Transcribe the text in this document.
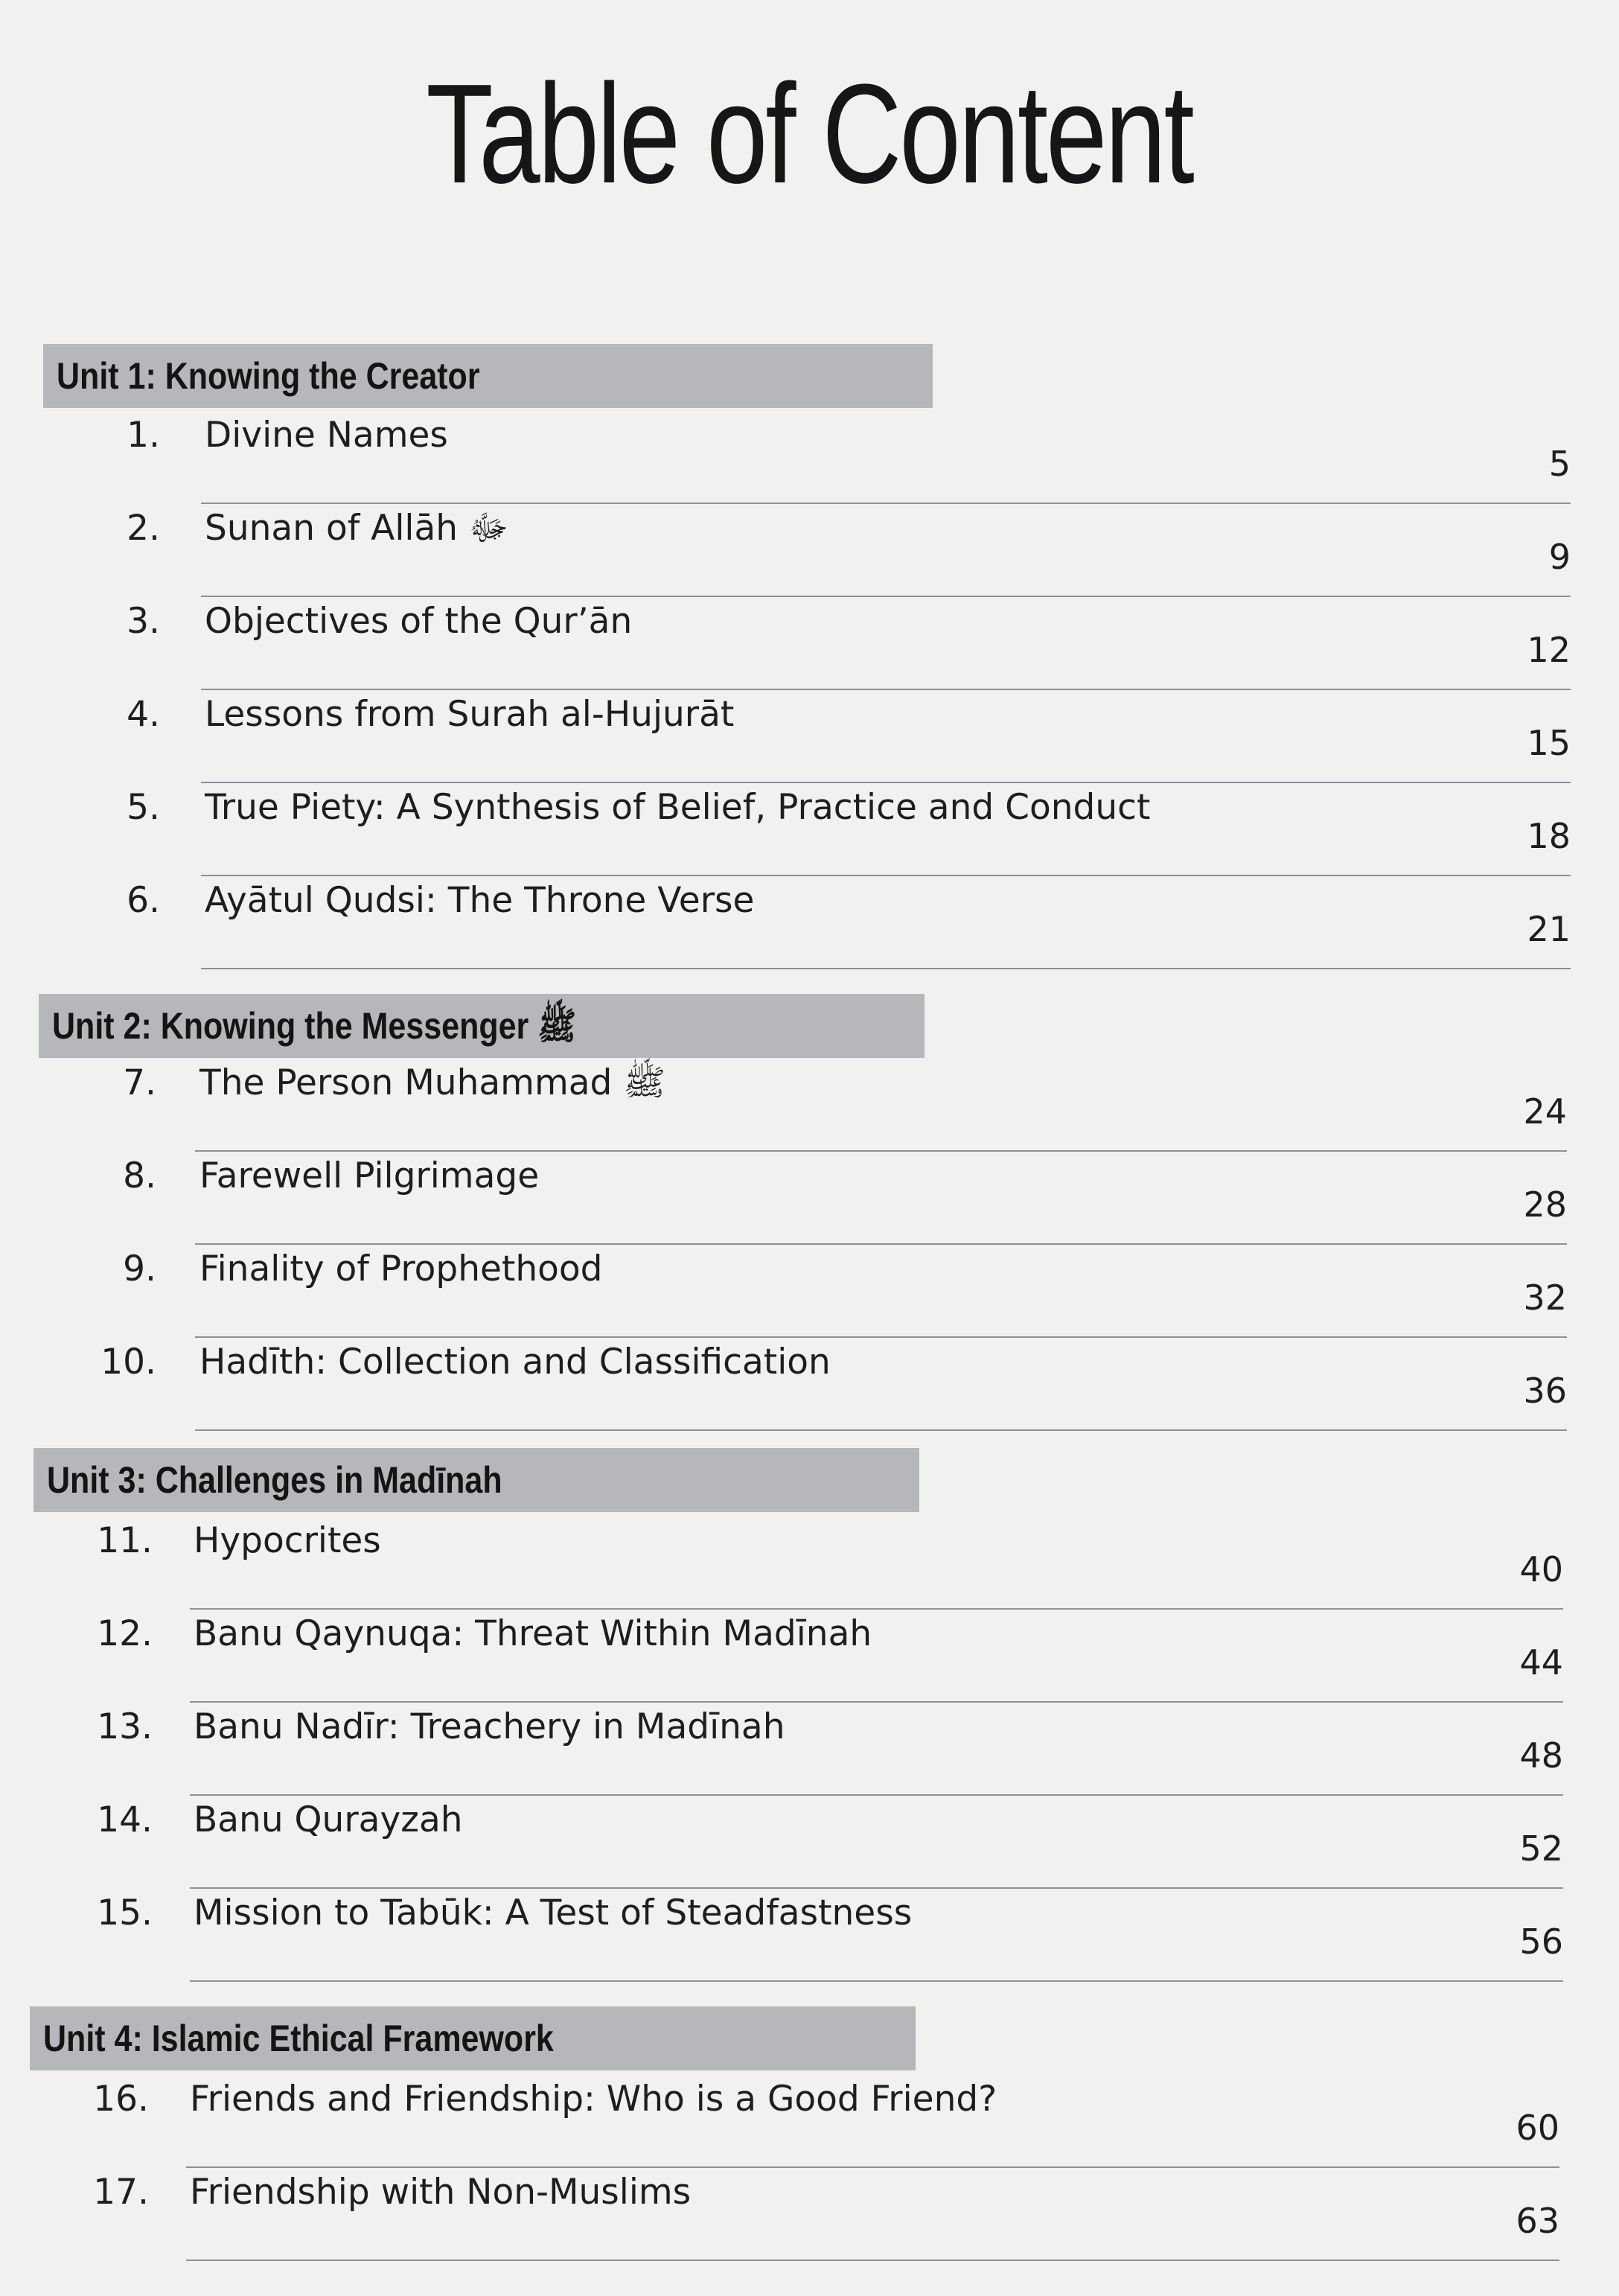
Table of Content
Unit 1: Knowing the Creator
1. Divine Names
5
2. Sunan of Allāh ﷻ
9
3. Objectives of the Qur’ān
12
4. Lessons from Surah al-Hujurāt
15
5. True Piety: A Synthesis of Belief, Practice and Conduct
18
6. Ayātul Qudsi: The Throne Verse
21
Unit 2: Knowing the Messenger ﷺ
7. The Person Muhammad ﷺ
24
8. Farewell Pilgrimage
28
9. Finality of Prophethood
32
10. Hadīth: Collection and Classification
36
Unit 3: Challenges in Madīnah
11. Hypocrites
40
12. Banu Qaynuqa: Threat Within Madīnah
44
13. Banu Nadīr: Treachery in Madīnah
48
14. Banu Qurayzah
52
15. Mission to Tabūk: A Test of Steadfastness
56
Unit 4: Islamic Ethical Framework
16. Friends and Friendship: Who is a Good Friend?
60
17. Friendship with Non-Muslims
63
